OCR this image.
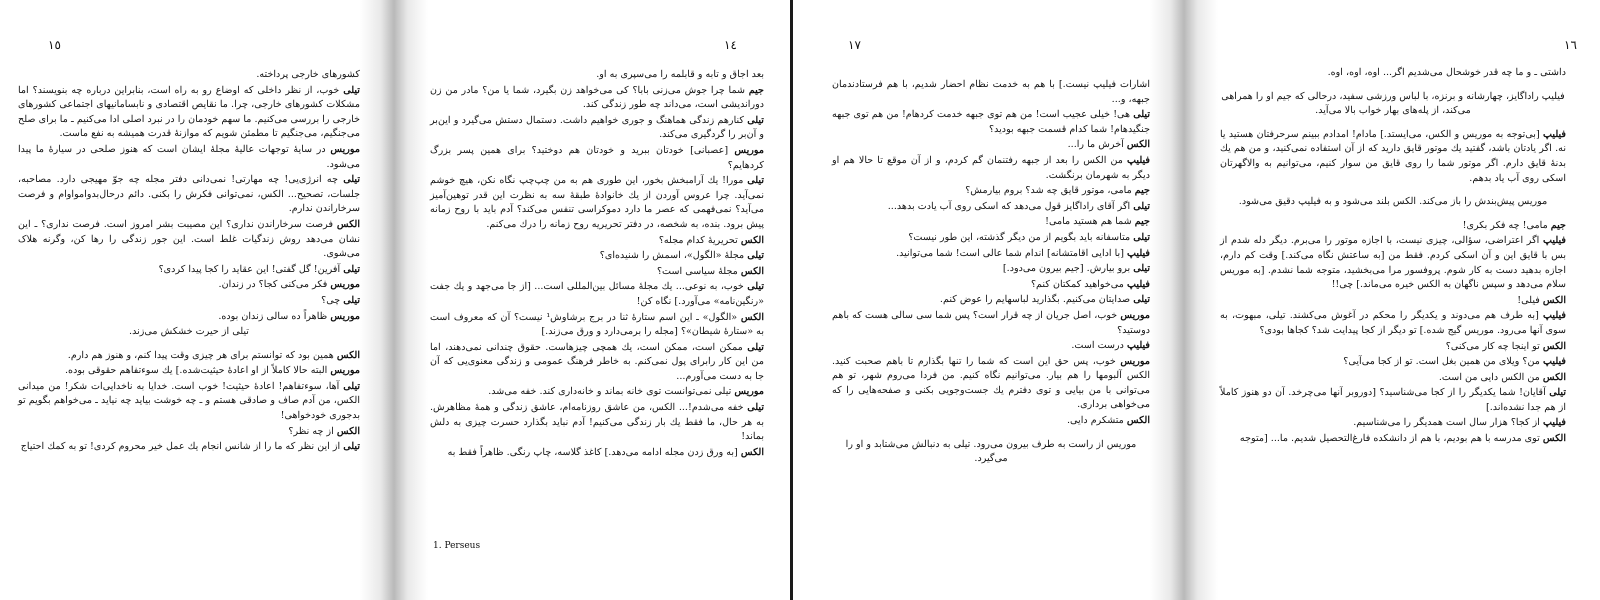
١٥

کشورهای خارجی پرداخته.

تیلی خوب، از نظر داخلی که اوضاع رو به راه است، بنابراین درباره چه بنویسند؟ اما مشکلات کشورهای خارجی، چرا. ما نقایص اقتصادی و نابسامانیهای اجتماعی کشورهای خارجی را بررسی می‌کنیم. ما سهم خودمان را در نبرد اصلی ادا می‌کنیم ـ ما برای صلح می‌جنگیم، می‌جنگیم تا مطمئن شویم که موازنهٔ قدرت همیشه به نفع ماست.

موریس در سایهٔ توجهات عالیهٔ مجلهٔ ایشان است که هنوز صلحی در سیارهٔ ما پیدا می‌شود.

تیلی چه انرژی‌یی! چه مهارتی! نمی‌دانی دفتر مجله چه جوّ مهیجی دارد. مصاحبه، جلسات، تصحیح... الکس، نمی‌توانی فکرش را بکنی. دائم درحال‌بدوامواوام و فرصت سرخاراندن ندارم.

الکس فرصت سرخاراندن نداری؟ این مصیبت بشر امروز است. فرصت نداری؟ ـ این نشان می‌دهد روش زندگیات غلط است. این جور زندگی را رها کن، وگرنه هلاک می‌شوی.

تیلی آفرین! گل گفتی! این عقاید را کجا پیدا کردی؟

موریس فکر می‌کنی کجا؟ در زندان.

تیلی چی؟

موریس ظاهراً ده سالی زندان بوده.

تیلی از حیرت خشکش می‌زند.

الکس همین بود که توانستم برای هر چیزی وقت پیدا کنم، و هنوز هم دارم.

موریس البته حالا کاملاً از او اعادهٔ حیثیت‌شده.] یك سوءتفاهم حقوقی بوده.

تیلی آها، سوءتفاهم! اعادهٔ حیثیت! خوب است. خدایا به ناخدایی‌ات شکر! من میدانی الکس، من آدم صاف و صادقی هستم و ـ چه خوشت بیاید چه نیاید ـ می‌خواهم بگویم تو بدجوری خودخواهی!

الکس از چه نظر؟

تیلی از این نظر که ما را از شانس انجام یك عمل خیر محروم کردی! تو به کمك احتیاج

١٤

بعد اجاق و تابه و قابلمه را می‌سپری به او.

جیم شما چرا جوش می‌زنی بابا؟ کی می‌خواهد زن بگیرد، شما یا من؟ مادر من زن دوراندیشی است، می‌داند چه طور زندگی کند.

تیلی کنارهم زندگی هماهنگ و جوری خواهیم داشت. دستمال دستش می‌گیرد و این‌بر و آن‌بر را گردگیری می‌کند.

موریس [عصبانی] خودتان ببرید و خودتان هم دوختید؟ برای همین پسر بزرگ کردهایم؟

تیلی مورا! یك آرامبخش بخور، این طوری هم به من چپ‌چپ نگاه نکن، هیچ خوشم نمی‌آید. چرا عروس آوردن از یك خانوادهٔ طبقهٔ سه به نظرت این قدر توهین‌آمیز می‌آید؟ نمی‌فهمی که عصر ما دارد دموکراسی تنفس می‌کند؟ آدم باید با روح زمانه پیش برود. بنده، به شخصه، در دفتر تحریریه روح زمانه را درك می‌کنم.

الکس تحریریهٔ کدام مجله؟

تیلی مجلهٔ «الگول»، اسمش را شنیده‌ای؟

الکس مجلهٔ سیاسی است؟

تیلی خوب، به نوعی... یك مجلهٔ مسائل بین‌المللی است... [از جا می‌جهد و یك جفت «رنگین‌نامه» می‌آورد.] نگاه کن!

الکس «الگول» ـ این اسم ستارهٔ ثنا در برج برشاوش¹ نیست؟ آن که معروف است به «ستارهٔ شیطان»؟ [مجله را برمی‌دارد و ورق می‌زند.]

تیلی ممکن است، ممکن است، یك همچی چیزهاست. حقوق چندانی نمی‌دهند، اما من این کار رابرای پول نمی‌کنم. به خاطر فرهنگ عمومی و زندگی معنوی‌یی که آن جا به دست می‌آورم...

موریس تیلی نمی‌توانست توی خانه بماند و خانه‌داری کند. خفه می‌شد.

تیلی خفه می‌شدم!... الکس، من عاشق روزنامه‌ام، عاشق زندگی و همهٔ مظاهرش. به هر حال، ما فقط یك بار زندگی می‌کنیم! آدم نباید بگذارد حسرت چیزی به دلش بماند!

الکس [به ورق زدن مجله ادامه می‌دهد.] کاغذ گلاسه، چاپ رنگی. ظاهراً فقط به

1. Perseus
١٧

اشارات فیلیپ نیست.] با هم به خدمت نظام احضار شدیم، با هم فرستادندمان جبهه، و...

تیلی هی! خیلی عجیب است! من هم توی جبهه خدمت کردهام! من هم توی جبهه جنگیدهام! شما کدام قسمت جبهه بودید؟

الکس آخرش ما را...

فیلیپ من الکس را بعد از جبهه رفتنمان گم کردم، و از آن موقع تا حالا هم او دیگر به شهرمان برنگشت.

جیم مامی، موتور قایق چه شد؟ بروم بیارمش؟

تیلی اگر آقای راداگایز قول می‌دهد که اسکی روی آب یادت بدهد...

جیم شما هم هستید مامی!

تیلی متاسفانه باید بگویم از من دیگر گذشته، این طور نیست؟

فیلیپ [با ادایی اقامتشانه] اندام شما عالی است! شما می‌توانید.

تیلی برو بیارش. [جیم بیرون می‌دود.]

فیلیپ می‌خواهید کمکتان کنم؟

تیلی صدایتان می‌کنیم. بگذارید لباسهایم را عوض کنم.

موریس خوب، اصل جریان از چه قرار است؟ پس شما سی سالی هست که باهم دوستید؟

فیلیپ درست است.

موریس خوب، پس حق این است که شما را تنها بگذارم تا باهم صحبت کنید. الکس آلبومها را هم بیار. می‌توانیم نگاه کنیم. من فردا می‌روم شهر، تو هم می‌توانی با من بیایی و توی دفترم یك جست‌وجویی بکنی و صفحه‌هایی را که می‌خواهی برداری.

الکس متشکرم دایی.

موریس از راست به طرف بیرون می‌رود. تیلی به دنبالش می‌شتابد و او را می‌گیرد.

١٦

داشتی ـ و ما چه قدر خوشحال می‌شدیم اگر... اوه، اوه، اوه.

فیلیپ راداگایز، چهارشانه و برنزه، با لباس ورزشی سفید، درحالی که جیم او را همراهی می‌کند، از پله‌های بهار خواب بالا می‌آید.

فیلیپ [بی‌توجه به موریس و الکس، می‌ایستد.] مادام! امدادم ببینم سرحرفتان هستید یا نه. اگر یادتان باشد، گفتید یك موتور قایق دارید که از آن استفاده نمی‌کنید، و من هم یك بدنهٔ قایق دارم. اگر موتور شما را روی قایق من سوار کنیم، می‌توانیم به والاگهرتان اسکی روی آب یاد بدهم.

موریس پیش‌بندش را باز می‌کند. الکس بلند می‌شود و به فیلیپ دقیق می‌شود.

جیم مامی! چه فکر بکری!

فیلیپ اگر اعتراضی، سؤالی، چیزی نیست، با اجازه موتور را می‌برم. دیگر دله شدم از بس با قایق این و آن اسکی کردم. فقط من [به ساعتش نگاه می‌کند.] وقت کم دارم، اجازه بدهید دست به کار شوم. پروفسور مرا می‌بخشید، متوجه شما نشدم. [به موریس سلام می‌دهد و سپس ناگهان به الکس خیره می‌ماند.] چی!!

الکس فیلی!

فیلیپ [به طرف هم می‌دوند و یکدیگر را محکم در آغوش می‌کشند. تیلی، مبهوت، به سوی آنها می‌رود. موریس گیج شده.] تو دیگر از کجا پیدایت شد؟ کجاها بودی؟

الکس تو اینجا چه کار می‌کنی؟

فیلیپ من؟ ویلای من همین بغل است. تو از کجا می‌آیی؟

الکس من الکس دایی من است.

تیلی آقایان! شما یکدیگر را از کجا می‌شناسید؟ [دوروبر آنها می‌چرخد. آن دو هنوز کاملاً از هم جدا نشده‌اند.]

فیلیپ از کجا؟ هزار سال است همدیگر را می‌شناسیم.

الکس توی مدرسه با هم بودیم، با هم از دانشکده فارغ‌التحصیل شدیم. ما... [متوجه
